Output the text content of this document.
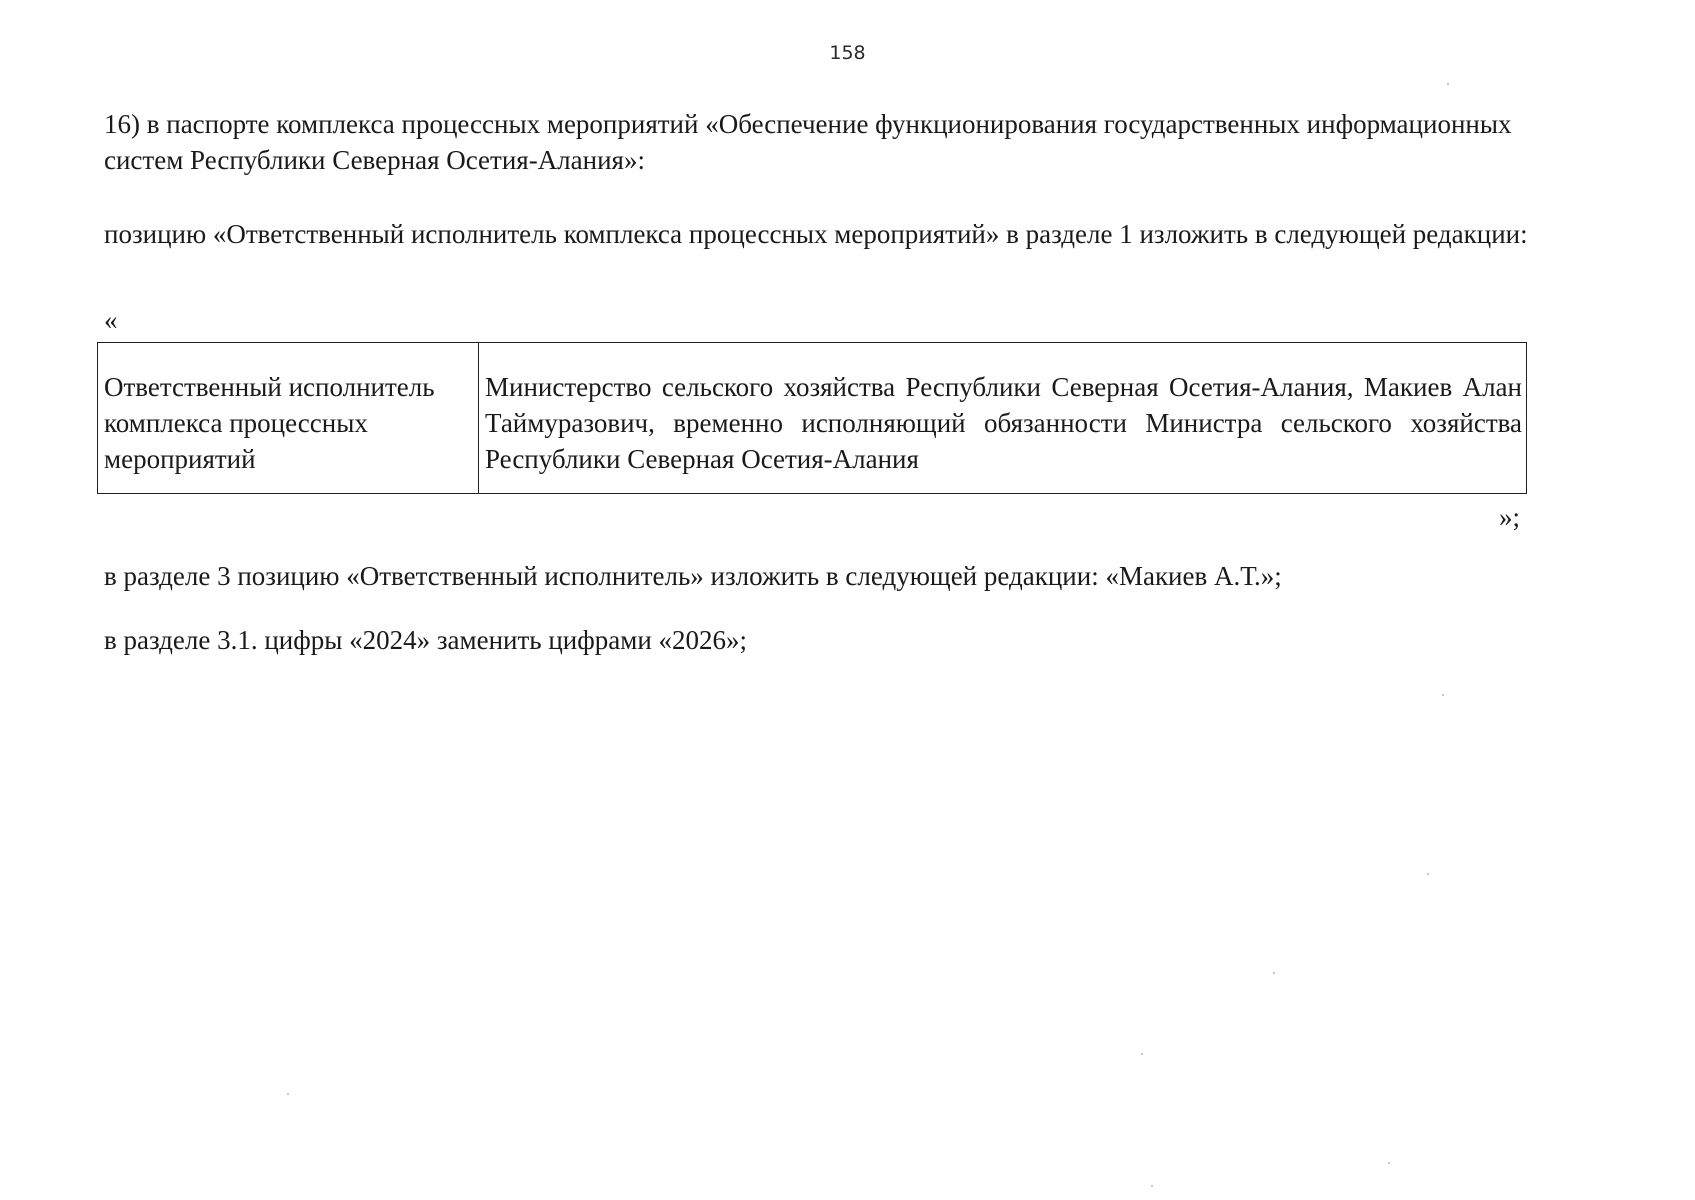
158

16) в паспорте комплекса процессных мероприятий «Обеспечение функционирования государственных информационных систем Республики Северная Осетия-Алания»:

позицию «Ответственный исполнитель комплекса процессных мероприятий» в разделе 1 изложить в следующей редакции:

«
Ответственный исполнитель комплекса процессных мероприятий	Министерство сельского хозяйства Республики Северная Осетия-Алания, Макиев Алан Таймуразович, временно исполняющий обязанности Министра сельского хозяйства Республики Северная Осетия-Алания
»;

в разделе 3 позицию «Ответственный исполнитель» изложить в следующей редакции: «Макиев А.Т.»;

в разделе 3.1. цифры «2024» заменить цифрами «2026»;
